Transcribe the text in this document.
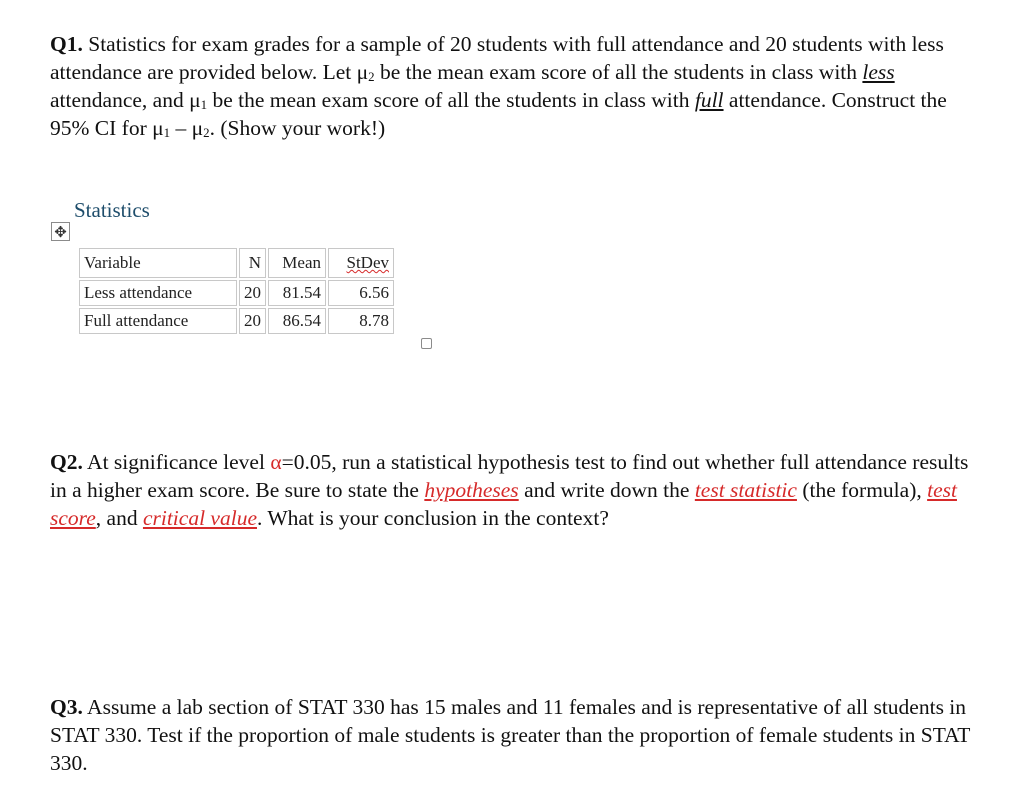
Q1. Statistics for exam grades for a sample of 20 students with full attendance and 20 students with less attendance are provided below. Let $\mu_2$ be the mean exam score of all the students in class with less attendance, and $\mu_1$ be the mean exam score of all the students in class with full attendance. Construct the 95% CI for $\mu_1 - \mu_2$. (Show your work!)
Statistics
✥
Variable	N	Mean	StDev
Less attendance	20	81.54	6.56
Full attendance	20	86.54	8.78
Q2. At significance level α=0.05, run a statistical hypothesis test to find out whether full attendance results in a higher exam score. Be sure to state the hypotheses and write down the test statistic (the formula), test score, and critical value. What is your conclusion in the context?
Q3. Assume a lab section of STAT 330 has 15 males and 11 females and is representative of all students in STAT 330. Test if the proportion of male students is greater than the proportion of female students in STAT 330.
